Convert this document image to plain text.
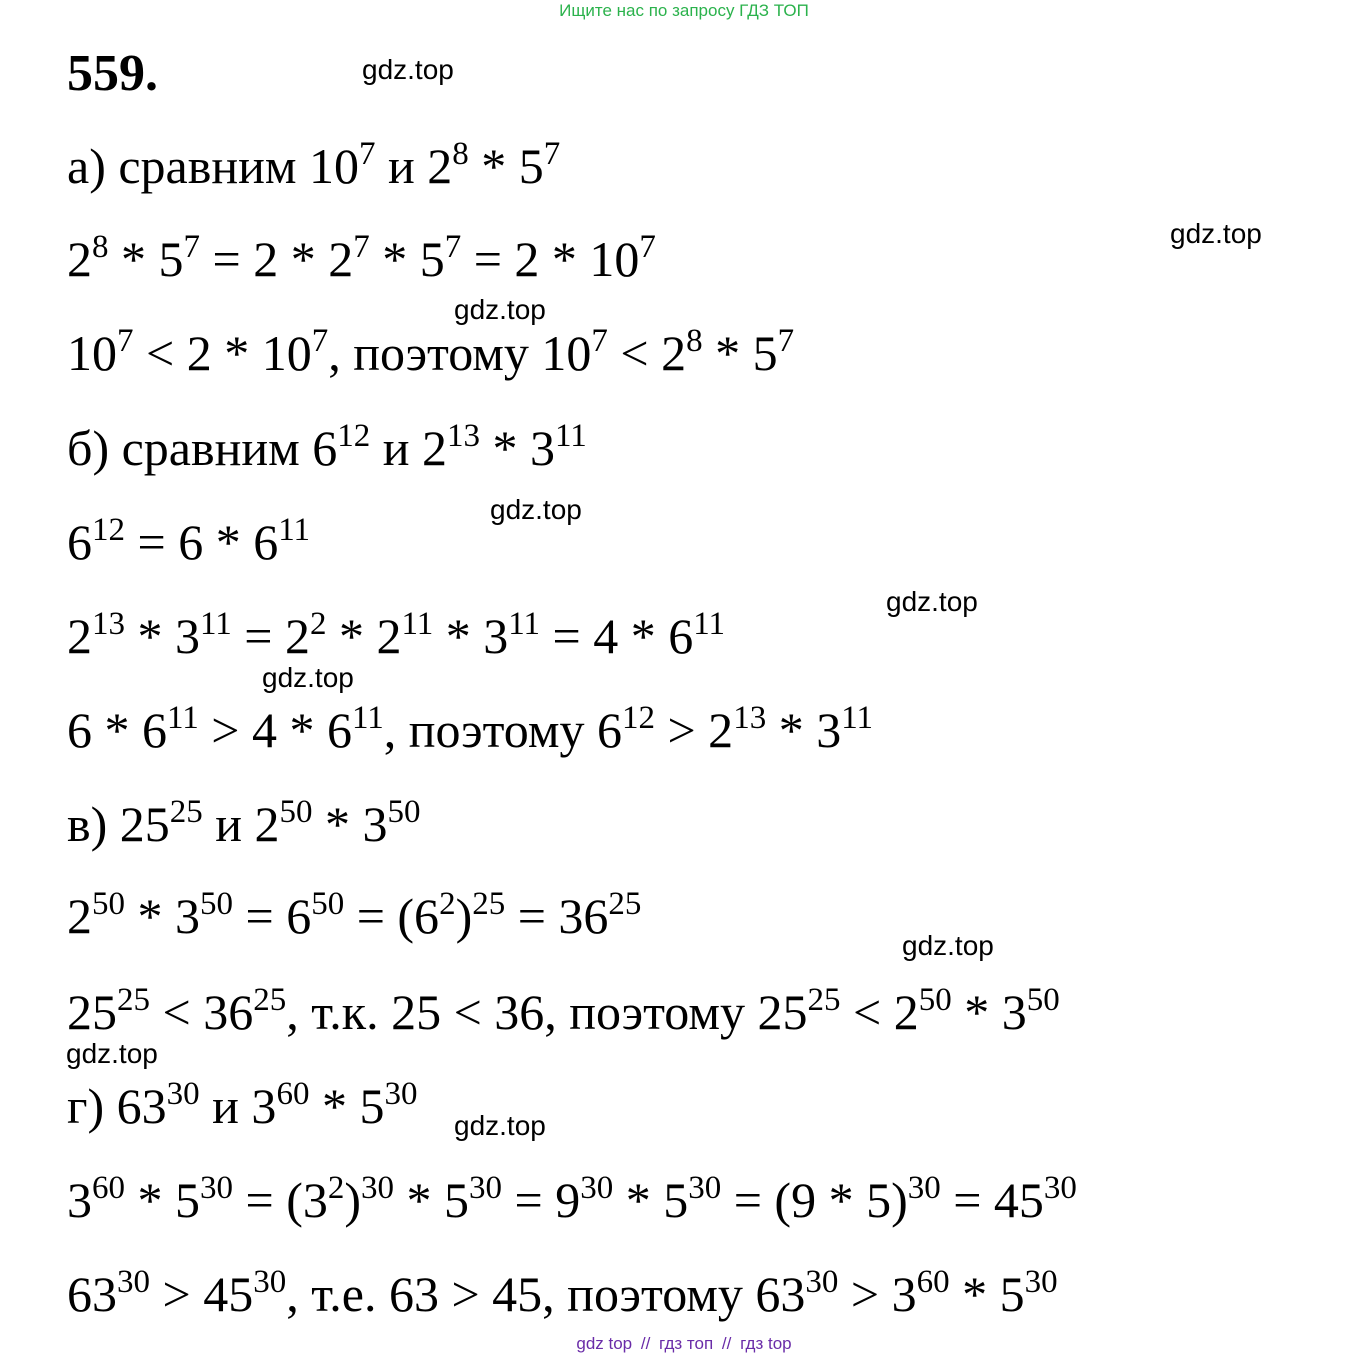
Ищите нас по запросу ГДЗ ТОП
559.	gdz.top
gdz.top
gdz.top
gdz.top
gdz.top
gdz.top
gdz.top
gdz.top
gdz.top
а) сравним $10^7$ и $2^8 * 5^7$
$2^8 * 5^7 = 2 * 2^7 * 5^7 = 2 * 10^7$
$10^7 < 2 * 10^7$, поэтому $10^7 < 2^8 * 5^7$
б) сравним $6^{12}$ и $2^{13} * 3^{11}$
$6^{12} = 6 * 6^{11}$
$2^{13} * 3^{11} = 2^2 * 2^{11} * 3^{11} = 4 * 6^{11}$
$6 * 6^{11} > 4 * 6^{11}$, поэтому $6^{12} > 2^{13} * 3^{11}$
в) $25^{25}$ и $2^{50} * 3^{50}$
$2^{50} * 3^{50} = 6^{50} = (6^2)^{25} = 36^{25}$
$25^{25} < 36^{25}$, т.к. 25 < 36, поэтому $25^{25} < 2^{50} * 3^{50}$
г) $63^{30}$ и $3^{60} * 5^{30}$
$3^{60} * 5^{30} = (3^2)^{30} * 5^{30} = 9^{30} * 5^{30} = (9 * 5)^{30} = 45^{30}$
$63^{30} > 45^{30}$, т.е. 63 > 45, поэтому $63^{30} > 3^{60} * 5^{30}$
gdz top // гдз топ // гдз top
